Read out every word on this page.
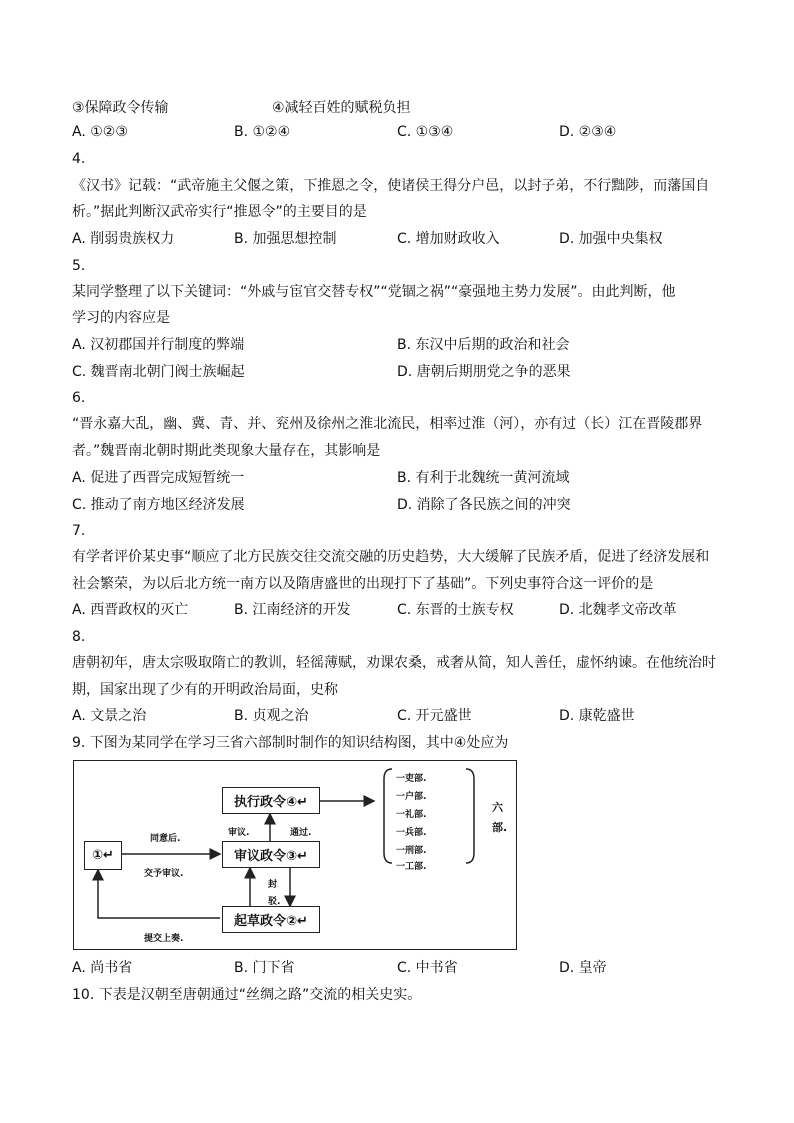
③保障政令传输	④减轻百姓的赋税负担
A. ①②③	B. ①②④	C. ①③④	D. ②③④
4.
《汉书》记载：“武帝施主父偃之策，下推恩之令，使诸侯王得分户邑，以封子弟，不行黜陟，而藩国自
析。”据此判断汉武帝实行“推恩令”的主要目的是
A. 削弱贵族权力	B. 加强思想控制	C. 增加财政收入	D. 加强中央集权
5.
某同学整理了以下关键词：“外戚与宦官交替专权”“党锢之祸”“豪强地主势力发展”。由此判断，他
学习的内容应是
A. 汉初郡国并行制度的弊端	B. 东汉中后期的政治和社会
C. 魏晋南北朝门阀士族崛起	D. 唐朝后期朋党之争的恶果
6.
“晋永嘉大乱，幽、冀、青、并、兖州及徐州之淮北流民，相率过淮（河），亦有过（长）江在晋陵郡界
者。”魏晋南北朝时期此类现象大量存在，其影响是
A. 促进了西晋完成短暂统一	B. 有利于北魏统一黄河流域
C. 推动了南方地区经济发展	D. 消除了各民族之间的冲突
7.
有学者评价某史事“顺应了北方民族交往交流交融的历史趋势，大大缓解了民族矛盾，促进了经济发展和
社会繁荣，为以后北方统一南方以及隋唐盛世的出现打下了基础”。下列史事符合这一评价的是
A. 西晋政权的灭亡	B. 江南经济的开发	C. 东晋的士族专权	D. 北魏孝文帝改革
8.
唐朝初年，唐太宗吸取隋亡的教训，轻徭薄赋，劝课农桑，戒奢从简，知人善任，虚怀纳谏。在他统治时
期，国家出现了少有的开明政治局面，史称
A. 文景之治	B. 贞观之治	C. 开元盛世	D. 康乾盛世
9. 下图为某同学在学习三省六部制时制作的知识结构图，其中④处应为
执行政令④↵
审议政令③↵
起草政令②↵
①↵
同意后.
审议.	通过.
交予审议.
封
驳.
提交上奏.
一吏部.
一户部.
一礼部.
一兵部.
一刑部.
一工部.
六
部.
A. 尚书省	B. 门下省	C. 中书省	D. 皇帝
10. 下表是汉朝至唐朝通过“丝绸之路”交流的相关史实。
